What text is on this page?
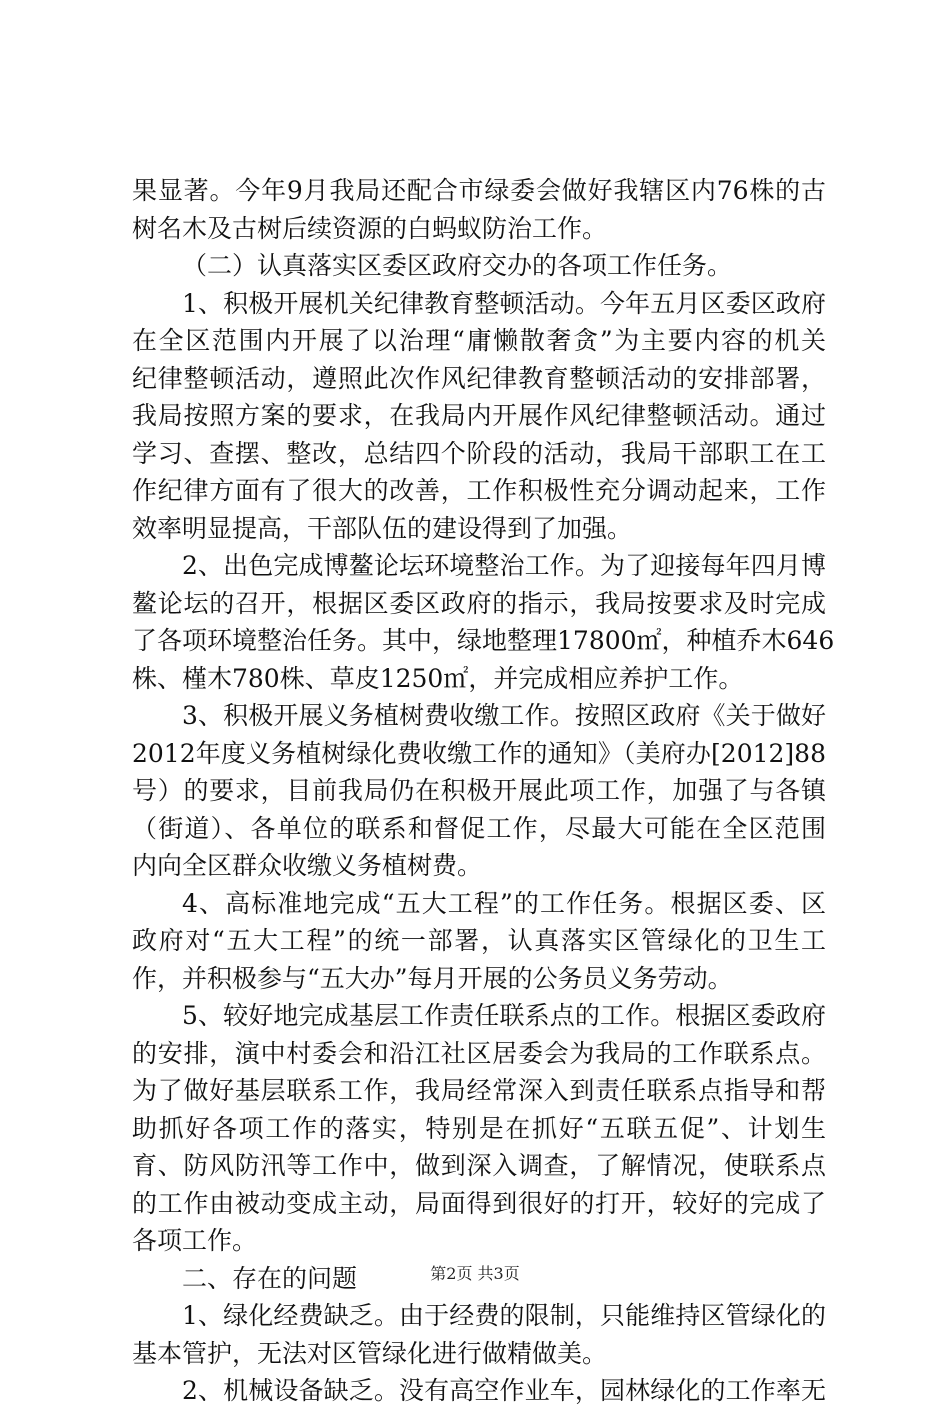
果显著。今年9月我局还配合市绿委会做好我辖区内76株的古
树名木及古树后续资源的白蚂蚁防治工作。
（二）认真落实区委区政府交办的各项工作任务。
1、积极开展机关纪律教育整顿活动。今年五月区委区政府
在全区范围内开展了以治理“庸懒散奢贪”为主要内容的机关
纪律整顿活动，遵照此次作风纪律教育整顿活动的安排部署，
我局按照方案的要求，在我局内开展作风纪律整顿活动。通过
学习、查摆、整改，总结四个阶段的活动，我局干部职工在工
作纪律方面有了很大的改善，工作积极性充分调动起来，工作
效率明显提高，干部队伍的建设得到了加强。
2、出色完成博鳌论坛环境整治工作。为了迎接每年四月博
鳌论坛的召开，根据区委区政府的指示，我局按要求及时完成
了各项环境整治任务。其中，绿地整理17800㎡，种植乔木646
株、槿木780株、草皮1250㎡，并完成相应养护工作。
3、积极开展义务植树费收缴工作。按照区政府《关于做好
2012年度义务植树绿化费收缴工作的通知》（美府办[2012]88
号）的要求，目前我局仍在积极开展此项工作，加强了与各镇
（街道）、各单位的联系和督促工作，尽最大可能在全区范围
内向全区群众收缴义务植树费。
4、高标准地完成“五大工程”的工作任务。根据区委、区
政府对“五大工程”的统一部署，认真落实区管绿化的卫生工
作，并积极参与“五大办”每月开展的公务员义务劳动。
5、较好地完成基层工作责任联系点的工作。根据区委政府
的安排，演中村委会和沿江社区居委会为我局的工作联系点。
为了做好基层联系工作，我局经常深入到责任联系点指导和帮
助抓好各项工作的落实，特别是在抓好“五联五促”、计划生
育、防风防汛等工作中，做到深入调查，了解情况，使联系点
的工作由被动变成主动，局面得到很好的打开，较好的完成了
各项工作。
二、存在的问题
1、绿化经费缺乏。由于经费的限制，只能维持区管绿化的
基本管护，无法对区管绿化进行做精做美。
2、机械设备缺乏。没有高空作业车，园林绿化的工作率无
第2页 共3页
